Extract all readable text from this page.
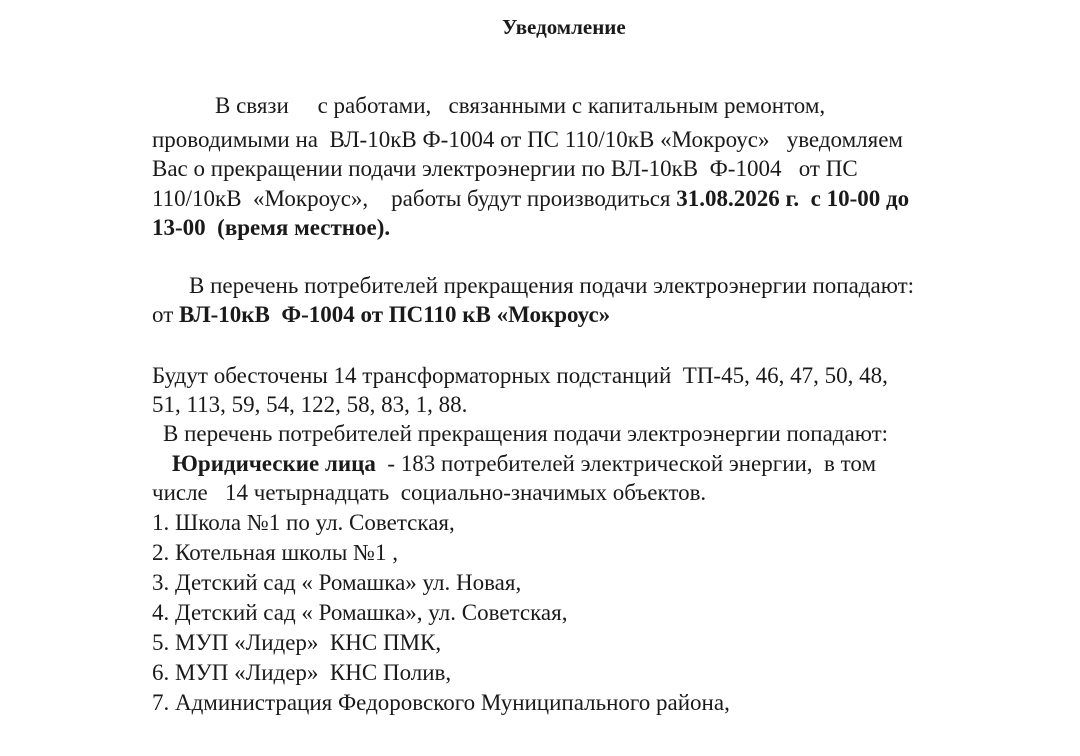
Уведомление
В связи     с работами,   связанными с капитальным ремонтом,
проводимыми на  ВЛ-10кВ Ф-1004 от ПС 110/10кВ «Мокроус»   уведомляем
Вас о прекращении подачи электроэнергии по ВЛ-10кВ  Ф-1004   от ПС
110/10кВ  «Мокроус»,    работы будут производиться 31.08.2026 г.  с 10-00 до
13-00  (время местное).
В перечень потребителей прекращения подачи электроэнергии попадают:
от ВЛ-10кВ  Ф-1004 от ПС110 кВ «Мокроус»
Будут обесточены 14 трансформаторных подстанций  ТП-45, 46, 47, 50, 48,
51, 113, 59, 54, 122, 58, 83, 1, 88.
В перечень потребителей прекращения подачи электроэнергии попадают:
Юридические лица  - 183 потребителей электрической энергии,  в том
числе   14 четырнадцать  социально-значимых объектов.
1. Школа №1 по ул. Советская,
2. Котельная школы №1 ,
3. Детский сад « Ромашка» ул. Новая,
4. Детский сад « Ромашка», ул. Советская,
5. МУП «Лидер»  КНС ПМК,
6. МУП «Лидер»  КНС Полив,
7. Администрация Федоровского Муниципального района,
